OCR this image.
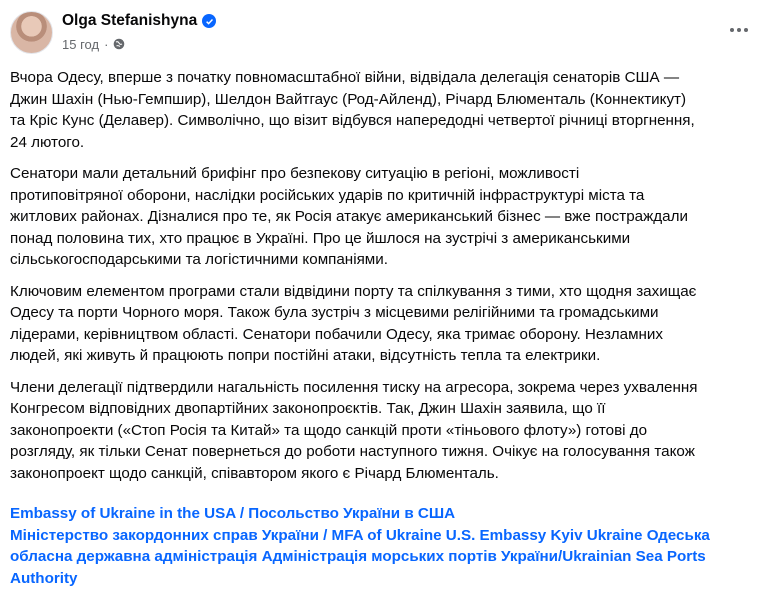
Olga Stefanishyna
15 год ·
Вчора Одесу, вперше з початку повномасштабної війни, відвідала делегація сенаторів США —
Джин Шахін (Нью-Гемпшир), Шелдон Вайтгаус (Род-Айленд), Річард Блюменталь (Коннектикут)
та Кріс Кунс (Делавер). Символічно, що візит відбувся напередодні четвертої річниці вторгнення,
24 лютого.
Сенатори мали детальний брифінг про безпекову ситуацію в регіоні, можливості
протиповітряної оборони, наслідки російських ударів по критичній інфраструктурі міста та
житлових районах. Дізналися про те, як Росія атакує американський бізнес — вже постраждали
понад половина тих, хто працює в Україні. Про це йшлося на зустрічі з американськими
сільськогосподарськими та логістичними компаніями.
Ключовим елементом програми стали відвідини порту та спілкування з тими, хто щодня захищає
Одесу та порти Чорного моря. Також була зустріч з місцевими релігійними та громадськими
лідерами, керівництвом області. Сенатори побачили Одесу, яка тримає оборону. Незламних
людей, які живуть й працюють попри постійні атаки, відсутність тепла та електрики.
Члени делегації підтвердили нагальність посилення тиску на агресора, зокрема через ухвалення
Конгресом відповідних двопартійних законопроєктів. Так, Джин Шахін заявила, що її
законопроекти («Стоп Росія та Китай» та щодо санкцій проти «тіньового флоту») готові до
розгляду, як тільки Сенат повернеться до роботи наступного тижня. Очікує на голосування також
законопроект щодо санкцій, співавтором якого є Річард Блюменталь.
Embassy of Ukraine in the USA / Посольство України в США
Міністерство закордонних справ України / MFA of Ukraine U.S. Embassy Kyiv Ukraine Одеська
обласна державна адміністрація Адміністрація морських портів України/Ukrainian Sea Ports
Authority
